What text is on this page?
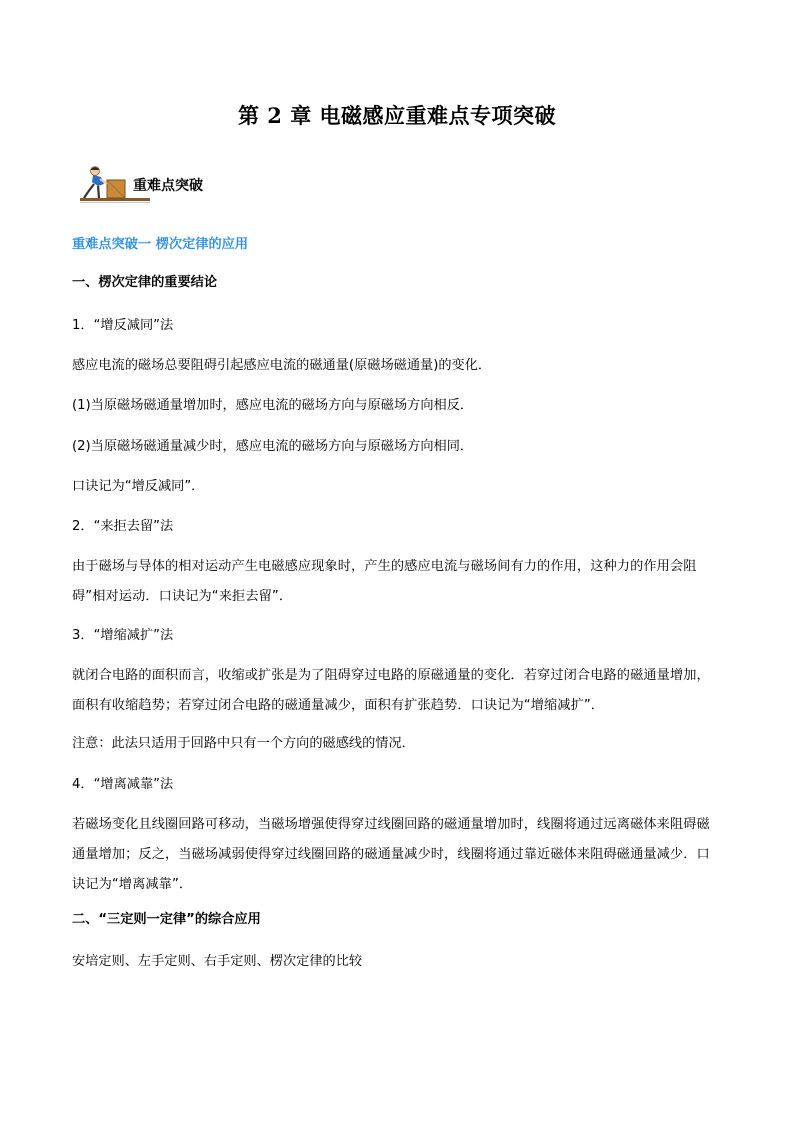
第 2 章 电磁感应重难点专项突破
重难点突破
重难点突破一 楞次定律的应用
一、楞次定律的重要结论
1．“增反减同”法
感应电流的磁场总要阻碍引起感应电流的磁通量(原磁场磁通量)的变化．
(1)当原磁场磁通量增加时，感应电流的磁场方向与原磁场方向相反．
(2)当原磁场磁通量减少时，感应电流的磁场方向与原磁场方向相同．
口诀记为“增反减同”．
2．“来拒去留”法
由于磁场与导体的相对运动产生电磁感应现象时，产生的感应电流与磁场间有力的作用，这种力的作用会阻碍”相对运动．口诀记为“来拒去留”．
3．“增缩减扩”法
就闭合电路的面积而言，收缩或扩张是为了阻碍穿过电路的原磁通量的变化．若穿过闭合电路的磁通量增加，面积有收缩趋势；若穿过闭合电路的磁通量减少，面积有扩张趋势．口诀记为“增缩减扩”．
注意：此法只适用于回路中只有一个方向的磁感线的情况．
4．“增离减靠”法
若磁场变化且线圈回路可移动，当磁场增强使得穿过线圈回路的磁通量增加时，线圈将通过远离磁体来阻碍磁通量增加；反之，当磁场减弱使得穿过线圈回路的磁通量减少时，线圈将通过靠近磁体来阻碍磁通量减少．口诀记为“增离减靠”．
二、“三定则一定律”的综合应用
安培定则、左手定则、右手定则、楞次定律的比较
